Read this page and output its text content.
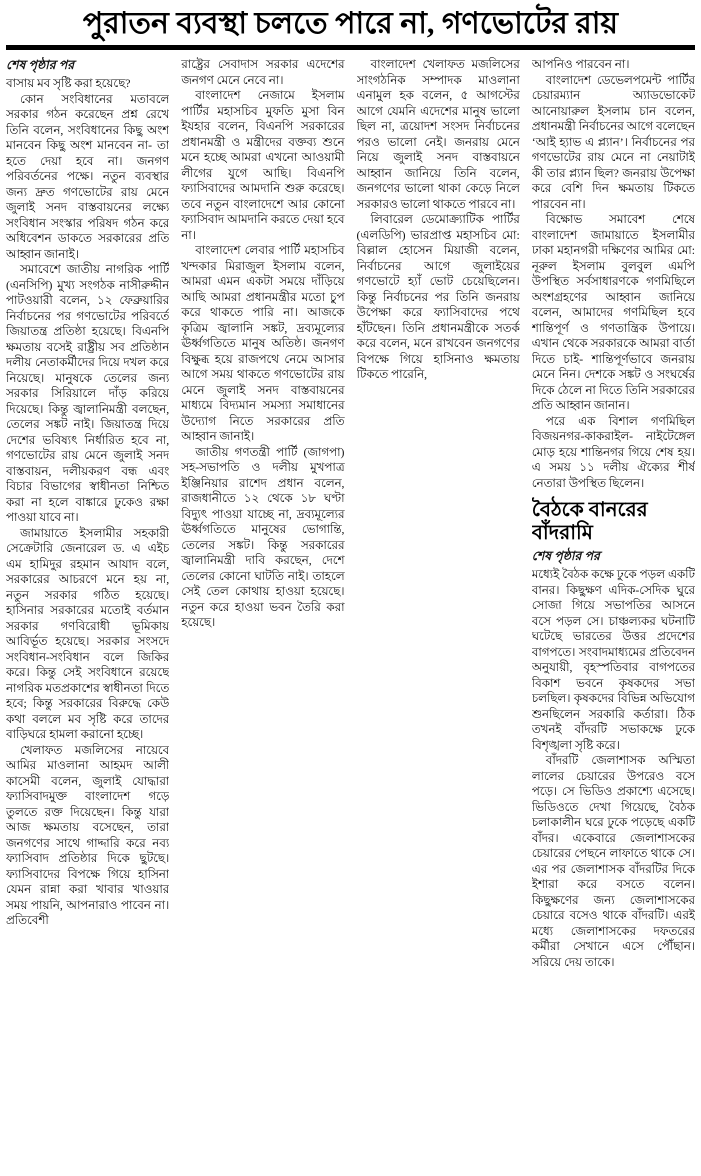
পুরাতন ব্যবস্থা চলতে পারে না, গণভোটের রায়

শেষ পৃষ্ঠার পর

বাসায় মব সৃষ্টি করা হয়েছে?

কোন সংবিধানের মতাবলে সরকার গঠন করেছেন প্রশ্ন রেখে তিনি বলেন, সংবিধানের কিছু অংশ মানবেন কিছু অংশ মানবেন না- তা হতে দেয়া হবে না। জনগণ পরিবর্তনের পক্ষে। নতুন ব্যবস্থার জন্য দ্রুত গণভোটের রায় মেনে জুলাই সনদ বাস্তবায়নের লক্ষ্যে সংবিধান সংস্কার পরিষদ গঠন করে অধিবেশন ডাকতে সরকারের প্রতি আহ্বান জানাই।

সমাবেশে জাতীয় নাগরিক পার্টি (এনসিপি) মুখ্য সংগঠক নাসীরুদ্দীন পাটওয়ারী বলেন, ১২ ফেব্রুয়ারির নির্বাচনের পর গণভোটের পরিবর্তে জিয়াতন্ত্র প্রতিষ্ঠা হয়েছে। বিএনপি ক্ষমতায় বসেই রাষ্ট্রীয় সব প্রতিষ্ঠান দলীয় নেতাকর্মীদের দিয়ে দখল করে নিয়েছে। মানুষকে তেলের জন্য সরকার সিরিয়ালে দাঁড় করিয়ে দিয়েছে। কিন্তু জ্বালানিমন্ত্রী বলছেন, তেলের সঙ্কট নাই। জিয়াতন্ত্র দিয়ে দেশের ভবিষ্যৎ নির্ধারিত হবে না, গণভোটের রায় মেনে জুলাই সনদ বাস্তবায়ন, দলীয়করণ বন্ধ এবং বিচার বিভাগের স্বাধীনতা নিশ্চিত করা না হলে বাঙ্কারে ঢুকেও রক্ষা পাওয়া যাবে না।

জামায়াতে ইসলামীর সহকারী সেক্রেটারি জেনারেল ড. এ এইচ এম হামিদুর রহমান আযাদ বলে, সরকারের আচরণে মনে হয় না, নতুন সরকার গঠিত হয়েছে। হাসিনার সরকারের মতোই বর্তমান সরকার গণবিরোধী ভূমিকায় আবির্ভূত হয়েছে। সরকার সংসদে সংবিধান-সংবিধান বলে জিকির করে। কিন্তু সেই সংবিধানে রয়েছে নাগরিক মতপ্রকাশের স্বাধীনতা দিতে হবে; কিন্তু সরকারের বিরুদ্ধে কেউ কথা বললে মব সৃষ্টি করে তাদের বাড়িঘরে হামলা করানো হচ্ছে।

খেলাফত মজলিসের নায়েবে আমির মাওলানা আহমদ আলী কাসেমী বলেন, জুলাই যোদ্ধারা ফ্যাসিবাদমুক্ত বাংলাদেশ গড়ে তুলতে রক্ত দিয়েছেন। কিন্তু যারা আজ ক্ষমতায় বসেছেন, তারা জনগণের সাথে গাদ্দারি করে নব্য ফ্যাসিবাদ প্রতিষ্ঠার দিকে ছুটছে। ফ্যাসিবাদের বিপক্ষে গিয়ে হাসিনা যেমন রান্না করা খাবার খাওয়ার সময় পায়নি, আপনারাও পাবেন না। প্রতিবেশী

রাষ্ট্রের সেবাদাস সরকার এদেশের জনগণ মেনে নেবে না।

বাংলাদেশ নেজামে ইসলাম পার্টির মহাসচিব মুফতি মুসা বিন ইযহার বলেন, বিএনপি সরকারের প্রধানমন্ত্রী ও মন্ত্রীদের বক্তব্য শুনে মনে হচ্ছে আমরা এখনো আওয়ামী লীগের যুগে আছি। বিএনপি ফ্যাসিবাদের আমদানি শুরু করেছে। তবে নতুন বাংলাদেশে আর কোনো ফ্যাসিবাদ আমদানি করতে দেয়া হবে না।

বাংলাদেশ লেবার পার্টি মহাসচিব খন্দকার মিরাজুল ইসলাম বলেন, আমরা এমন একটা সময়ে দাঁড়িয়ে আছি আমরা প্রধানমন্ত্রীর মতো চুপ করে থাকতে পারি না। আজকে কৃত্রিম জ্বালানি সঙ্কট, দ্রব্যমূল্যের ঊর্ধ্বগতিতে মানুষ অতিষ্ঠ। জনগণ বিক্ষুব্ধ হয়ে রাজপথে নেমে আসার আগে সময় থাকতে গণভোটের রায় মেনে জুলাই সনদ বাস্তবায়নের মাধ্যমে বিদ্যমান সমস্যা সমাধানের উদ্যোগ নিতে সরকারের প্রতি আহ্বান জানাই।

জাতীয় গণতন্ত্রী পার্টি (জাগপা) সহ-সভাপতি ও দলীয় মুখপাত্র ইঞ্জিনিয়ার রাশেদ প্রধান বলেন, রাজধানীতে ১২ থেকে ১৮ ঘণ্টা বিদ্যুৎ পাওয়া যাচ্ছে না, দ্রব্যমূল্যের ঊর্ধ্বগতিতে মানুষের ভোগান্তি, তেলের সঙ্কট। কিন্তু সরকারের জ্বালানিমন্ত্রী দাবি করছেন, দেশে তেলের কোনো ঘাটতি নাই। তাহলে সেই তেল কোথায় হাওয়া হয়েছে। নতুন করে হাওয়া ভবন তৈরি করা হয়েছে।

বাংলাদেশ খেলাফত মজলিসের সাংগঠনিক সম্পাদক মাওলানা এনামুল হক বলেন, ৫ আগস্টের আগে যেমনি এদেশের মানুষ ভালো ছিল না, ত্রয়োদশ সংসদ নির্বাচনের পরও ভালো নেই। জনরায় মেনে নিয়ে জুলাই সনদ বাস্তবায়নে আহ্বান জানিয়ে তিনি বলেন, জনগণের ভালো থাকা কেড়ে নিলে সরকারও ভালো থাকতে পারবে না।

লিবারেল ডেমোক্র্যাটিক পার্টির (এলডিপি) ভারপ্রাপ্ত মহাসচিব মো: বিল্লাল হোসেন মিয়াজী বলেন, নির্বাচনের আগে জুলাইয়ের গণভোটে হ্যাঁ ভোট চেয়েছিলেন। কিন্তু নির্বাচনের পর তিনি জনরায় উপেক্ষা করে ফ্যাসিবাদের পথে হাঁটছেন। তিনি প্রধানমন্ত্রীকে সতর্ক করে বলেন, মনে রাখবেন জনগণের বিপক্ষে গিয়ে হাসিনাও ক্ষমতায় টিকতে পারেনি,

আপনিও পারবেন না।

বাংলাদেশ ডেভেলপমেন্ট পার্টির চেয়ারম্যান অ্যাডভোকেট আনোয়ারুল ইসলাম চান বলেন, প্রধানমন্ত্রী নির্বাচনের আগে বলেছেন ‘আই হ্যাভ এ প্ল্যান’। নির্বাচনের পর গণভোটের রায় মেনে না নেয়াটাই কী তার প্ল্যান ছিল? জনরায় উপেক্ষা করে বেশি দিন ক্ষমতায় টিকতে পারবেন না।

বিক্ষোভ সমাবেশ শেষে বাংলাদেশ জামায়াতে ইসলামীর ঢাকা মহানগরী দক্ষিণের আমির মো: নূরুল ইসলাম বুলবুল এমপি উপস্থিত সর্বসাধারণকে গণমিছিলে অংশগ্রহণের আহ্বান জানিয়ে বলেন, আমাদের গণমিছিল হবে শান্তিপূর্ণ ও গণতান্ত্রিক উপায়ে। এখান থেকে সরকারকে আমরা বার্তা দিতে চাই- শান্তিপূর্ণভাবে জনরায় মেনে নিন। দেশকে সঙ্কট ও সংঘর্ষের দিকে ঠেলে না দিতে তিনি সরকারের প্রতি আহ্বান জানান।

পরে এক বিশাল গণমিছিল বিজয়নগর-কাকরাইল- নাইটেঙ্গেল মোড় হয়ে শান্তিনগর গিয়ে শেষ হয়। এ সময় ১১ দলীয় ঐক্যের শীর্ষ নেতারা উপস্থিত ছিলেন।

বৈঠকে বানরের বাঁদরামি

শেষ পৃষ্ঠার পর

মধ্যেই বৈঠক কক্ষে ঢুকে পড়ল একটি বানর। কিছুক্ষণ এদিক-সেদিক ঘুরে সোজা গিয়ে সভাপতির আসনে বসে পড়ল সে। চাঞ্চল্যকর ঘটনাটি ঘটেছে ভারতের উত্তর প্রদেশের বাগপতে। সংবাদমাধ্যমের প্রতিবেদন অনুযায়ী, বৃহস্পতিবার বাগপতের বিকাশ ভবনে কৃষকদের সভা চলছিল। কৃষকদের বিভিন্ন অভিযোগ শুনছিলেন সরকারি কর্তারা। ঠিক তখনই বাঁদরটি সভাকক্ষে ঢুকে বিশৃঙ্খলা সৃষ্টি করে।

বাঁদরটি জেলাশাসক অস্মিতা লালের চেয়ারের উপরেও বসে পড়ে। সে ভিডিও প্রকাশ্যে এসেছে। ভিডিওতে দেখা গিয়েছে, বৈঠক চলাকালীন ঘরে ঢুকে পড়েছে একটি বাঁদর। একেবারে জেলাশাসকের চেয়ারের পেছনে লাফাতে থাকে সে। এর পর জেলাশাসক বাঁদরটির দিকে ইশারা করে বসতে বলেন। কিছুক্ষণের জন্য জেলাশাসকের চেয়ারে বসেও থাকে বাঁদরটি। এরই মধ্যে জেলাশাসকের দফতরের কর্মীরা সেখানে এসে পৌঁছান। সরিয়ে দেয় তাকে।
